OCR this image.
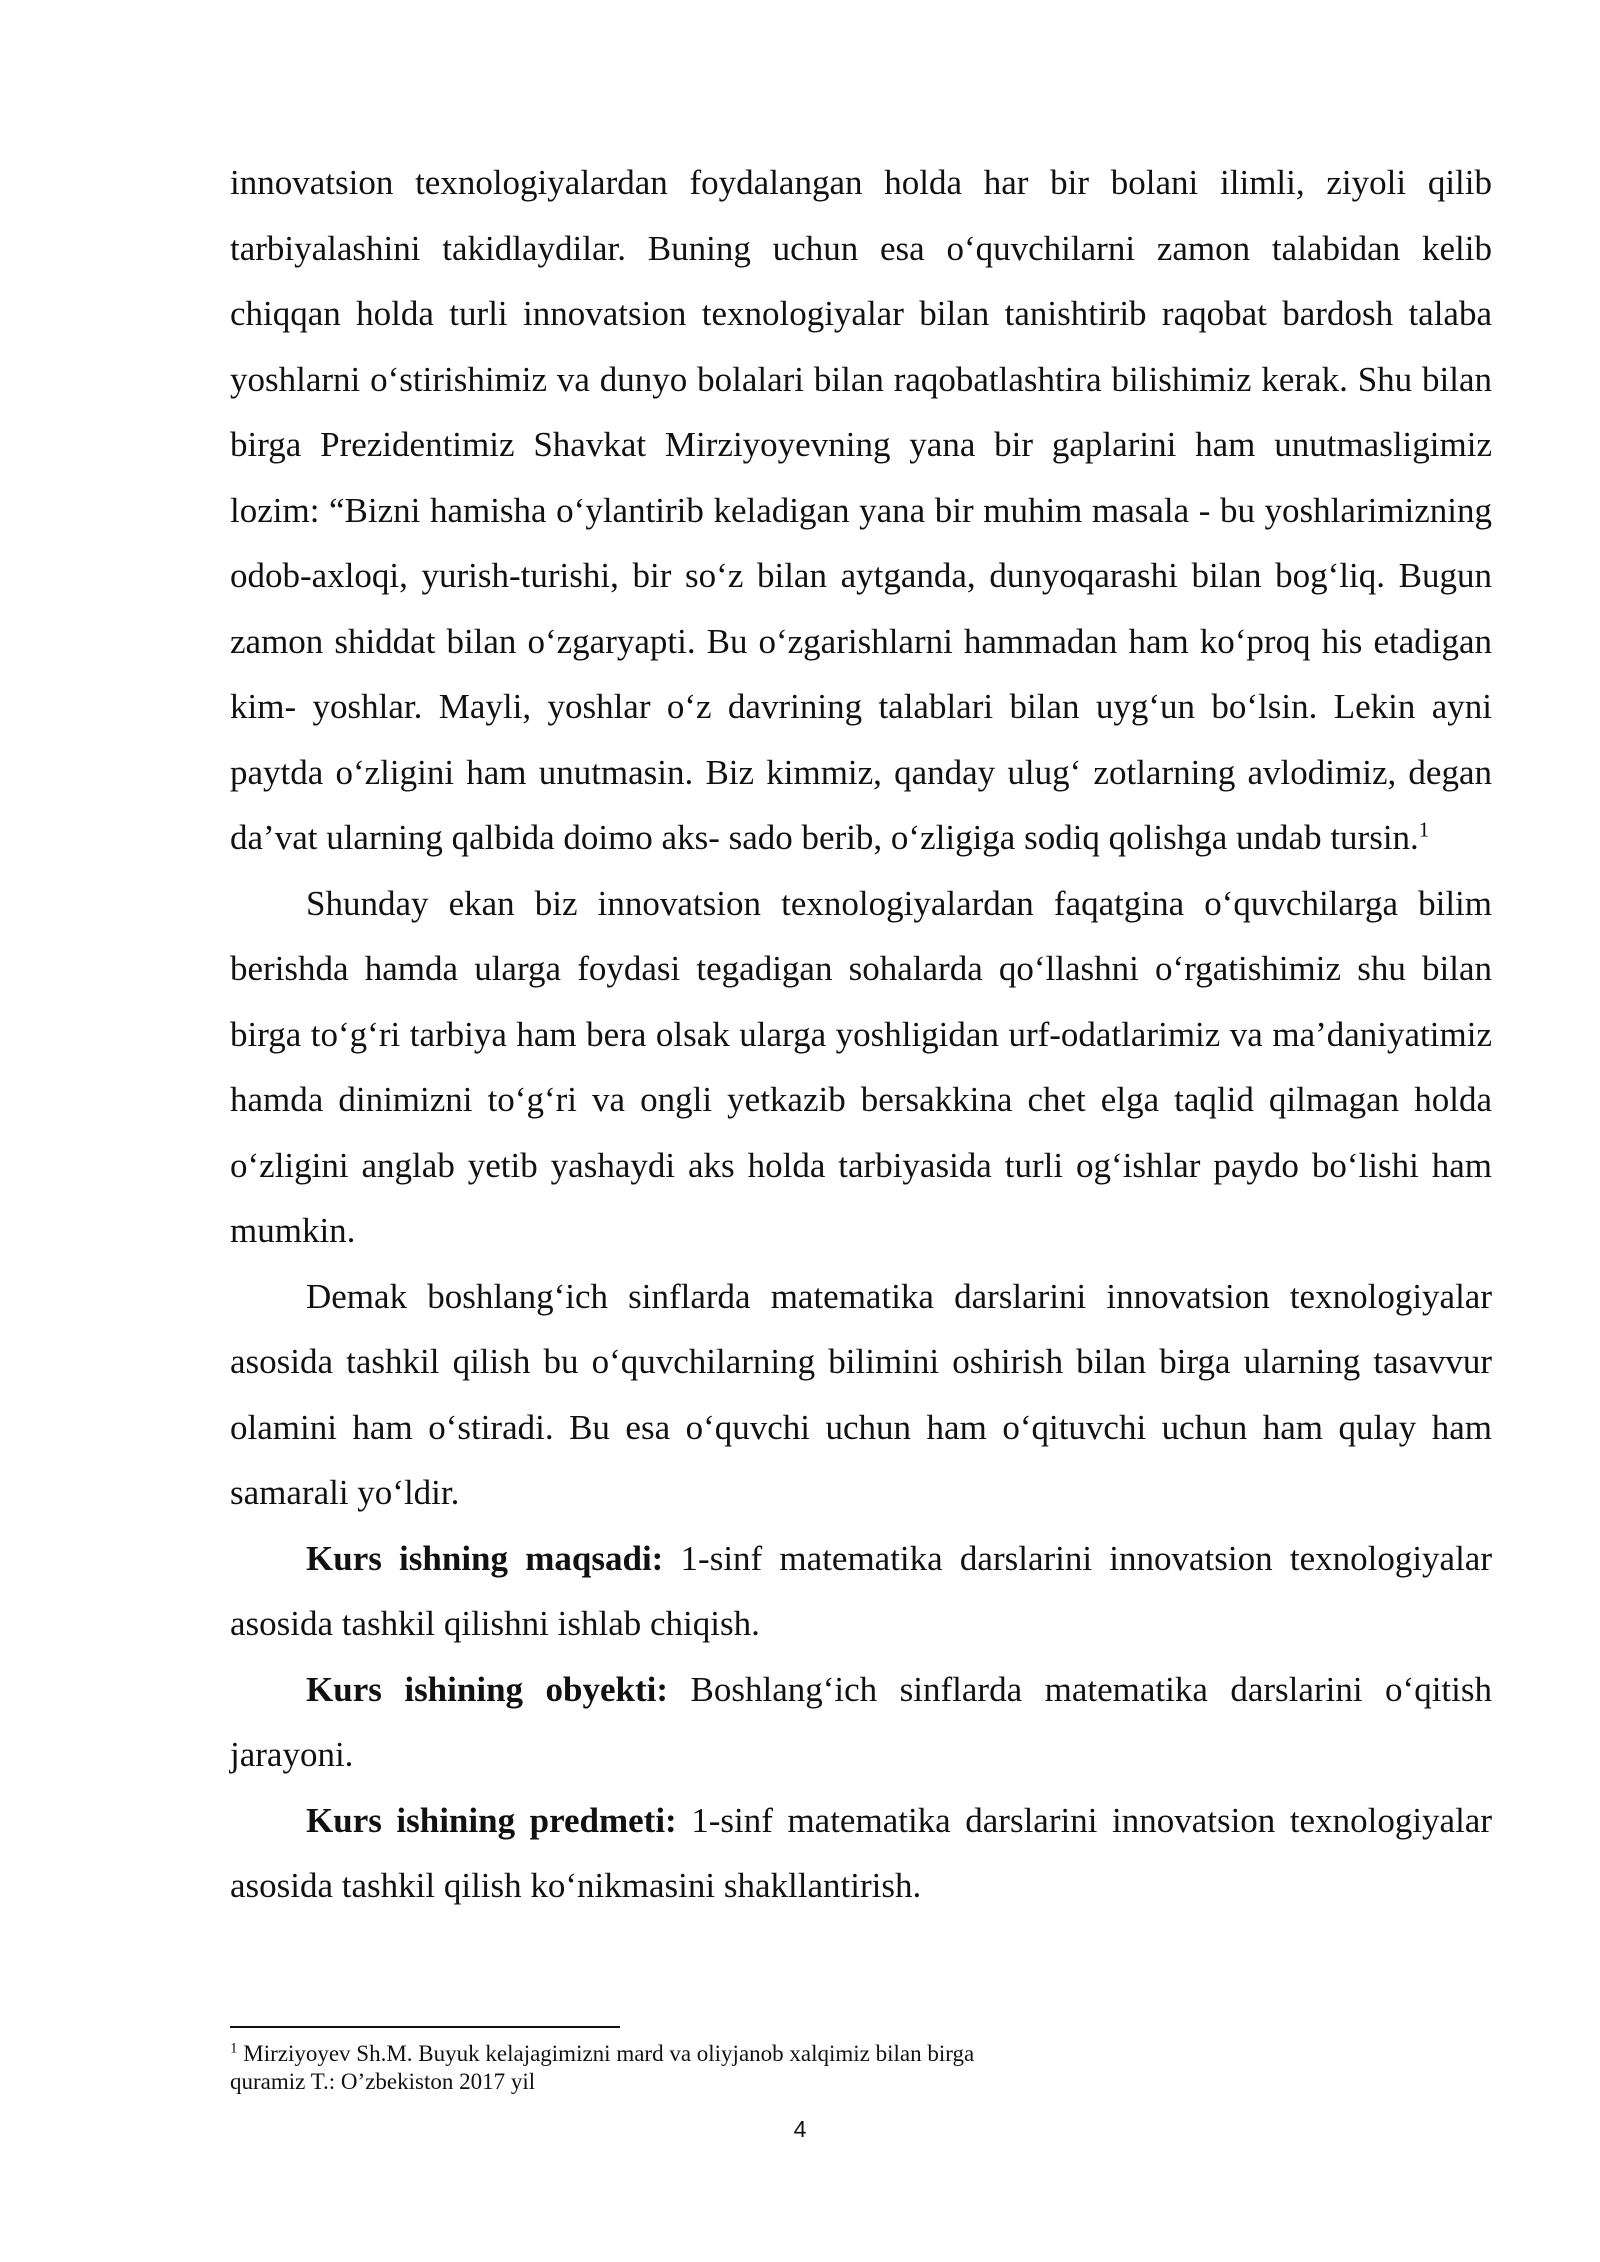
innovatsion texnologiyalardan foydalangan holda har bir bolani ilimli, ziyoli qilib tarbiyalashini takidlaydilar. Buning uchun esa o‘quvchilarni zamon talabidan kelib chiqqan holda turli innovatsion texnologiyalar bilan tanishtirib raqobat bardosh talaba yoshlarni o‘stirishimiz va dunyo bolalari bilan raqobatlashtira bilishimiz kerak. Shu bilan birga Prezidentimiz Shavkat Mirziyoyevning yana bir gaplarini ham unutmasligimiz lozim: “Bizni hamisha o‘ylantirib keladigan yana bir muhim masala - bu yoshlarimizning odob-axloqi, yurish-turishi, bir so‘z bilan aytganda, dunyoqarashi bilan bog‘liq. Bugun zamon shiddat bilan o‘zgaryapti. Bu o‘zgarishlarni hammadan ham ko‘proq his etadigan kim- yoshlar. Mayli, yoshlar o‘z davrining talablari bilan uyg‘un bo‘lsin. Lekin ayni paytda o‘zligini ham unutmasin. Biz kimmiz, qanday ulug‘ zotlarning avlodimiz, degan da’vat ularning qalbida doimo aks- sado berib, o‘zligiga sodiq qolishga undab tursin.$^1$

Shunday ekan biz innovatsion texnologiyalardan faqatgina o‘quvchilarga bilim berishda hamda ularga foydasi tegadigan sohalarda qo‘llashni o‘rgatishimiz shu bilan birga to‘g‘ri tarbiya ham bera olsak ularga yoshligidan urf-odatlarimiz va ma’daniyatimiz hamda dinimizni to‘g‘ri va ongli yetkazib bersakkina chet elga taqlid qilmagan holda o‘zligini anglab yetib yashaydi aks holda tarbiyasida turli og‘ishlar paydo bo‘lishi ham mumkin.

Demak boshlang‘ich sinflarda matematika darslarini innovatsion texnologiyalar asosida tashkil qilish bu o‘quvchilarning bilimini oshirish bilan birga ularning tasavvur olamini ham o‘stiradi. Bu esa o‘quvchi uchun ham o‘qituvchi uchun ham qulay ham samarali yo‘ldir.

Kurs ishning maqsadi: 1-sinf matematika darslarini innovatsion texnologiyalar asosida tashkil qilishni ishlab chiqish.

Kurs ishining obyekti: Boshlang‘ich sinflarda matematika darslarini o‘qitish jarayoni.

Kurs ishining predmeti: 1-sinf matematika darslarini innovatsion texnologiyalar asosida tashkil qilish ko‘nikmasini shakllantirish.

$^1$ Mirziyoyev Sh.M. Buyuk kelajagimizni mard va oliyjanob xalqimiz bilan birga

quramiz T.: O’zbekiston 2017 yil

4
